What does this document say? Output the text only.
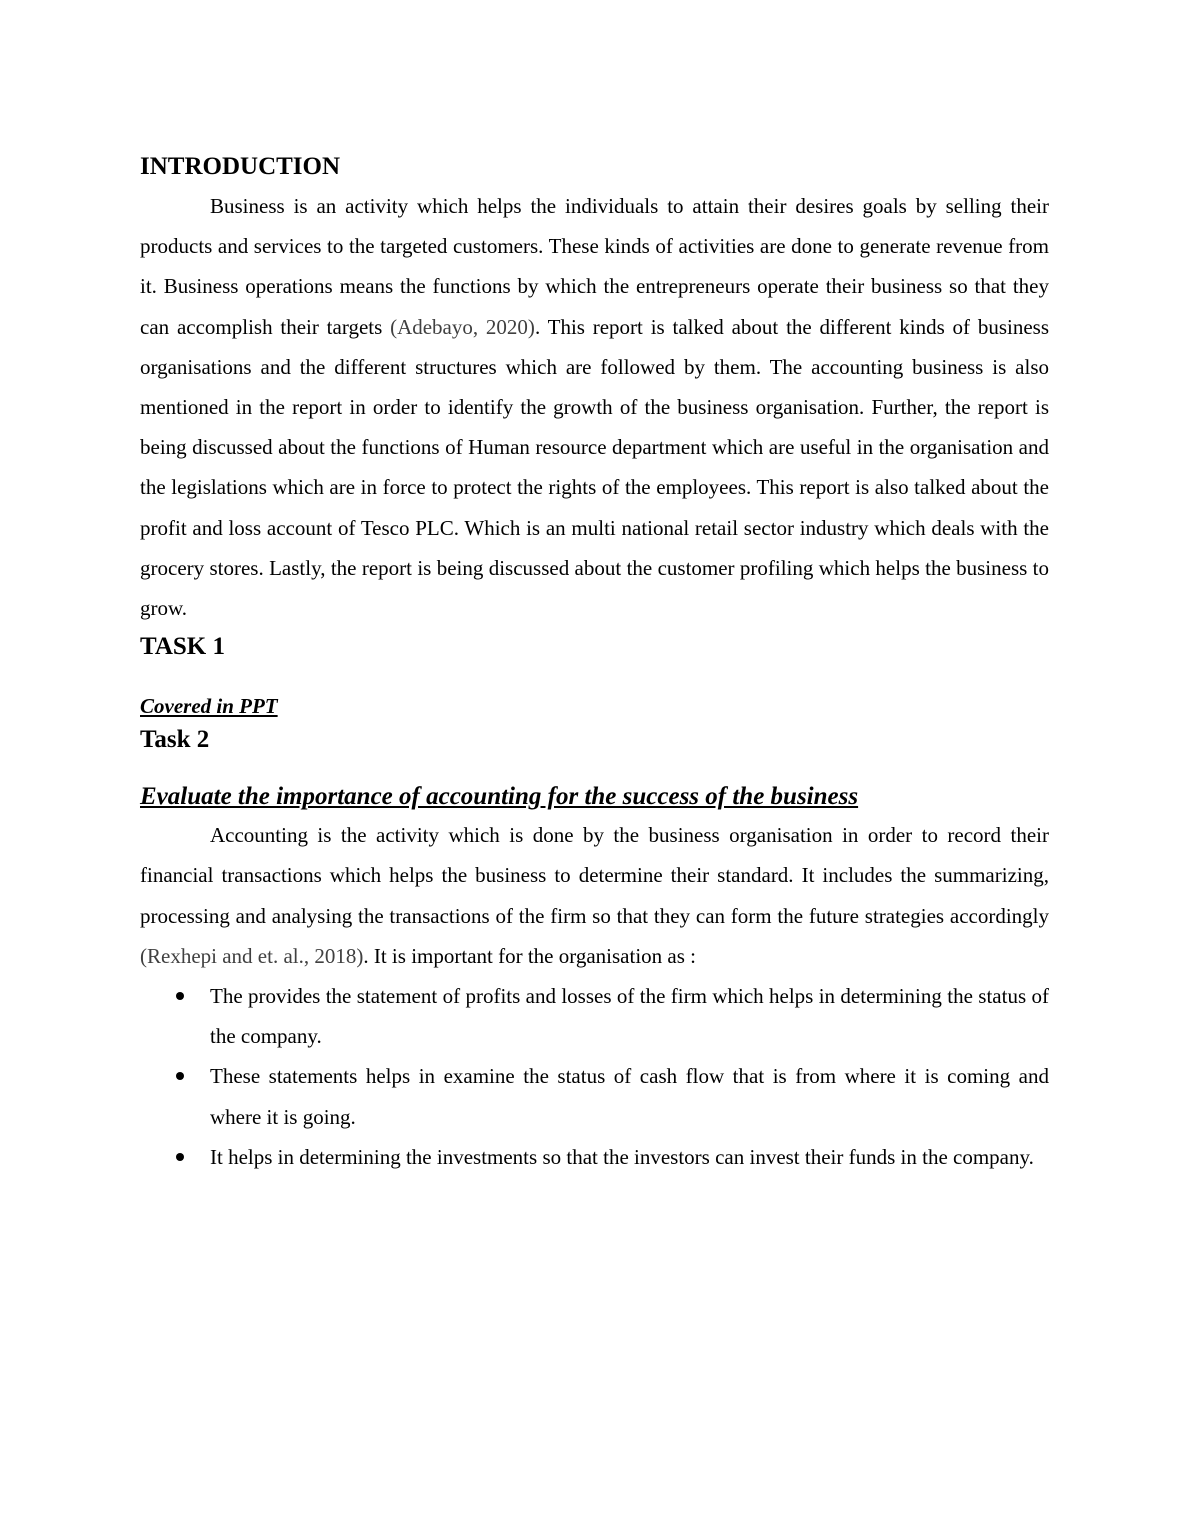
INTRODUCTION

Business is an activity which helps the individuals to attain their desires goals by selling their products and services to the targeted customers. These kinds of activities are done to generate revenue from it. Business operations means the functions by which the entrepreneurs operate their business so that they can accomplish their targets (Adebayo, 2020). This report is talked about the different kinds of business organisations and the different structures which are followed by them. The accounting business is also mentioned in the report in order to identify the growth of the business organisation. Further, the report is being discussed about the functions of Human resource department which are useful in the organisation and the legislations which are in force to protect the rights of the employees. This report is also talked about the profit and loss account of Tesco PLC. Which is an multi national retail sector industry which deals with the grocery stores. Lastly, the report is being discussed about the customer profiling which helps the business to grow.

TASK 1

Covered in PPT

Task 2
Evaluate the importance of accounting for the success of the business

Accounting is the activity which is done by the business organisation in order to record their financial transactions which helps the business to determine their standard. It includes the summarizing, processing and analysing the transactions of the firm so that they can form the future strategies accordingly (Rexhepi and et. al., 2018). It is important for the organisation as :

The provides the statement of profits and losses of the firm which helps in determining the status of the company.
These statements helps in examine the status of cash flow that is from where it is coming and where it is going.
It helps in determining the investments so that the investors can invest their funds in the company.
